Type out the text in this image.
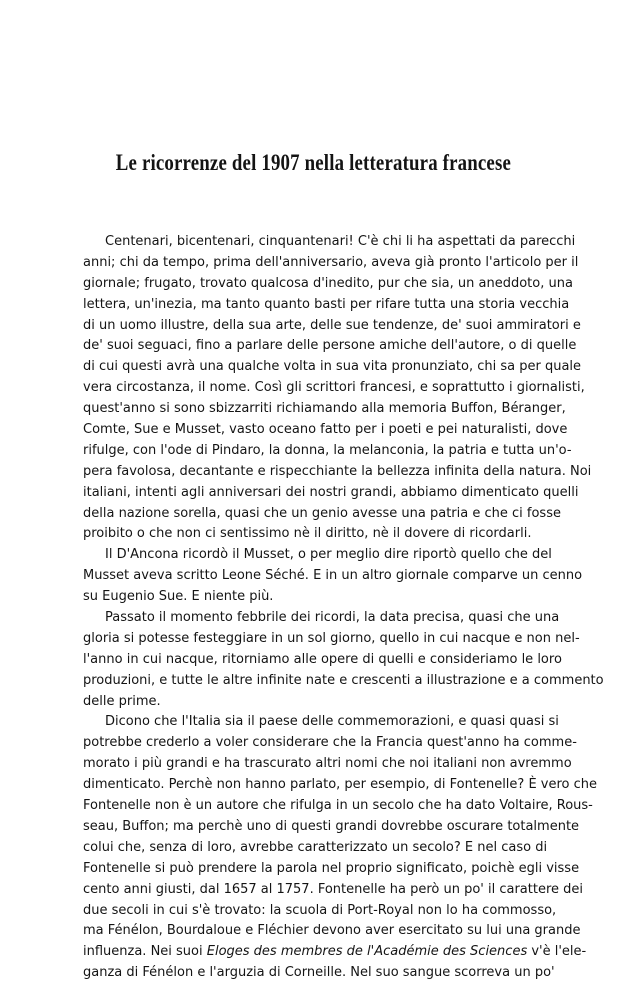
Le ricorrenze del 1907 nella letteratura francese
Centenari, bicentenari, cinquantenari! C'è chi li ha aspettati da parecchi
anni; chi da tempo, prima dell'anniversario, aveva già pronto l'articolo per il
giornale; frugato, trovato qualcosa d'inedito, pur che sia, un aneddoto, una
lettera, un'inezia, ma tanto quanto basti per rifare tutta una storia vecchia
di un uomo illustre, della sua arte, delle sue tendenze, de' suoi ammiratori e
de' suoi seguaci, fino a parlare delle persone amiche dell'autore, o di quelle
di cui questi avrà una qualche volta in sua vita pronunziato, chi sa per quale
vera circostanza, il nome. Così gli scrittori francesi, e soprattutto i giornalisti,
quest'anno si sono sbizzarriti richiamando alla memoria Buffon, Béranger,
Comte, Sue e Musset, vasto oceano fatto per i poeti e pei naturalisti, dove
rifulge, con l'ode di Pindaro, la donna, la melanconia, la patria e tutta un'o-
pera favolosa, decantante e rispecchiante la bellezza infinita della natura. Noi
italiani, intenti agli anniversari dei nostri grandi, abbiamo dimenticato quelli
della nazione sorella, quasi che un genio avesse una patria e che ci fosse
proibito o che non ci sentissimo nè il diritto, nè il dovere di ricordarli.
Il D'Ancona ricordò il Musset, o per meglio dire riportò quello che del
Musset aveva scritto Leone Séché. E in un altro giornale comparve un cenno
su Eugenio Sue. E niente più.
Passato il momento febbrile dei ricordi, la data precisa, quasi che una
gloria si potesse festeggiare in un sol giorno, quello in cui nacque e non nel-
l'anno in cui nacque, ritorniamo alle opere di quelli e consideriamo le loro
produzioni, e tutte le altre infinite nate e crescenti a illustrazione e a commento
delle prime.
Dicono che l'Italia sia il paese delle commemorazioni, e quasi quasi si
potrebbe crederlo a voler considerare che la Francia quest'anno ha comme-
morato i più grandi e ha trascurato altri nomi che noi italiani non avremmo
dimenticato. Perchè non hanno parlato, per esempio, di Fontenelle? È vero che
Fontenelle non è un autore che rifulga in un secolo che ha dato Voltaire, Rous-
seau, Buffon; ma perchè uno di questi grandi dovrebbe oscurare totalmente
colui che, senza di loro, avrebbe caratterizzato un secolo? E nel caso di
Fontenelle si può prendere la parola nel proprio significato, poichè egli visse
cento anni giusti, dal 1657 al 1757. Fontenelle ha però un po' il carattere dei
due secoli in cui s'è trovato: la scuola di Port-Royal non lo ha commosso,
ma Fénélon, Bourdaloue e Fléchier devono aver esercitato su lui una grande
influenza. Nei suoi Eloges des membres de l'Académie des Sciences v'è l'ele-
ganza di Fénélon e l'arguzia di Corneille. Nel suo sangue scorreva un po'
